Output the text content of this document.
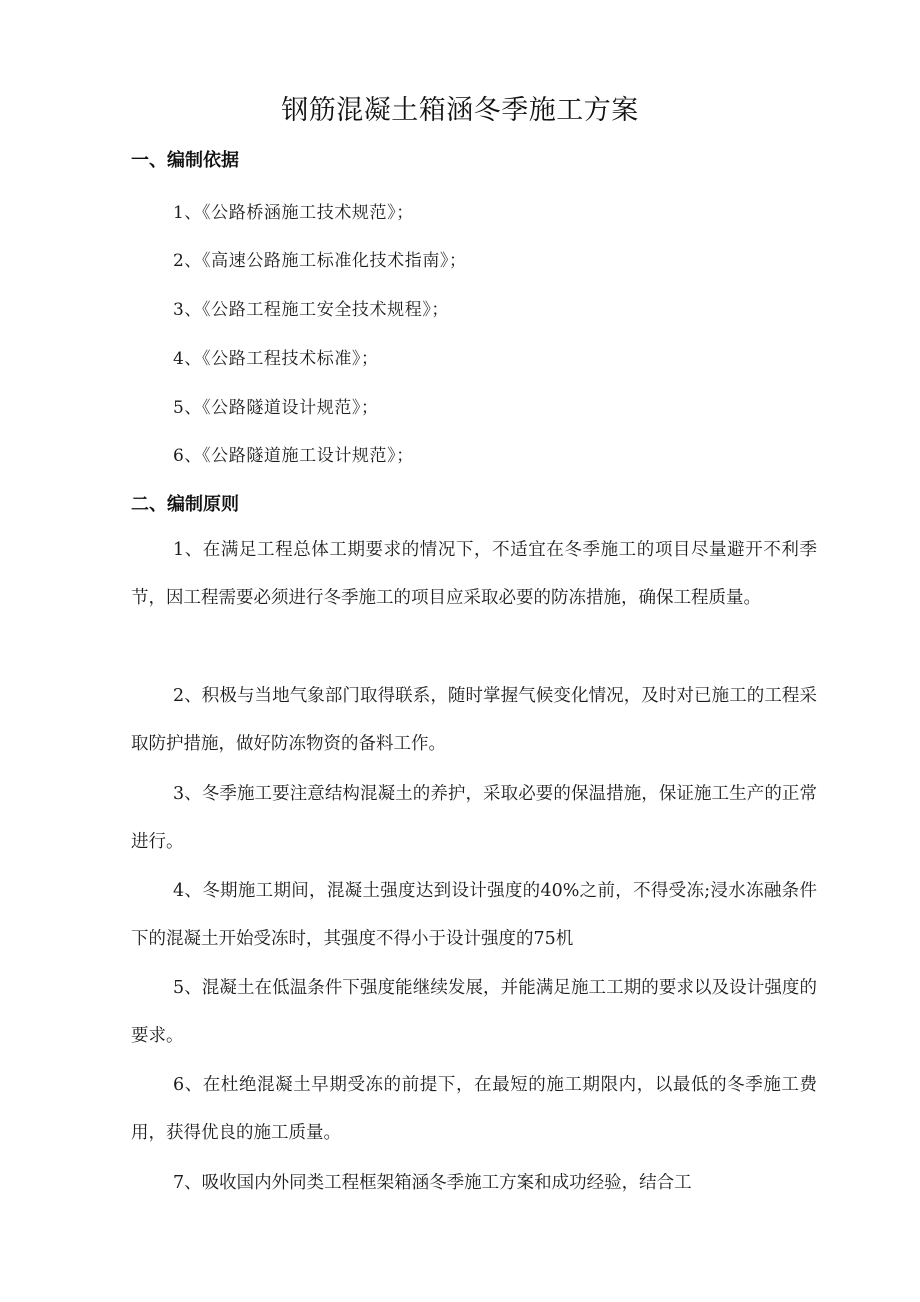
钢筋混凝土箱涵冬季施工方案
一、编制依据
1、《公路桥涵施工技术规范》；
2、《高速公路施工标准化技术指南》；
3、《公路工程施工安全技术规程》；
4、《公路工程技术标准》；
5、《公路隧道设计规范》；
6、《公路隧道施工设计规范》；
二、编制原则
1、在满足工程总体工期要求的情况下，不适宜在冬季施工的项目尽量避开不利季节，因工程需要必须进行冬季施工的项目应采取必要的防冻措施，确保工程质量。
2、积极与当地气象部门取得联系，随时掌握气候变化情况，及时对已施工的工程采取防护措施，做好防冻物资的备料工作。
3、冬季施工要注意结构混凝土的养护，采取必要的保温措施，保证施工生产的正常进行。
4、冬期施工期间，混凝土强度达到设计强度的40%之前，不得受冻;浸水冻融条件下的混凝土开始受冻时，其强度不得小于设计强度的75机
5、混凝土在低温条件下强度能继续发展，并能满足施工工期的要求以及设计强度的要求。
6、在杜绝混凝土早期受冻的前提下，在最短的施工期限内，以最低的冬季施工费用，获得优良的施工质量。
7、吸收国内外同类工程框架箱涵冬季施工方案和成功经验，结合工
